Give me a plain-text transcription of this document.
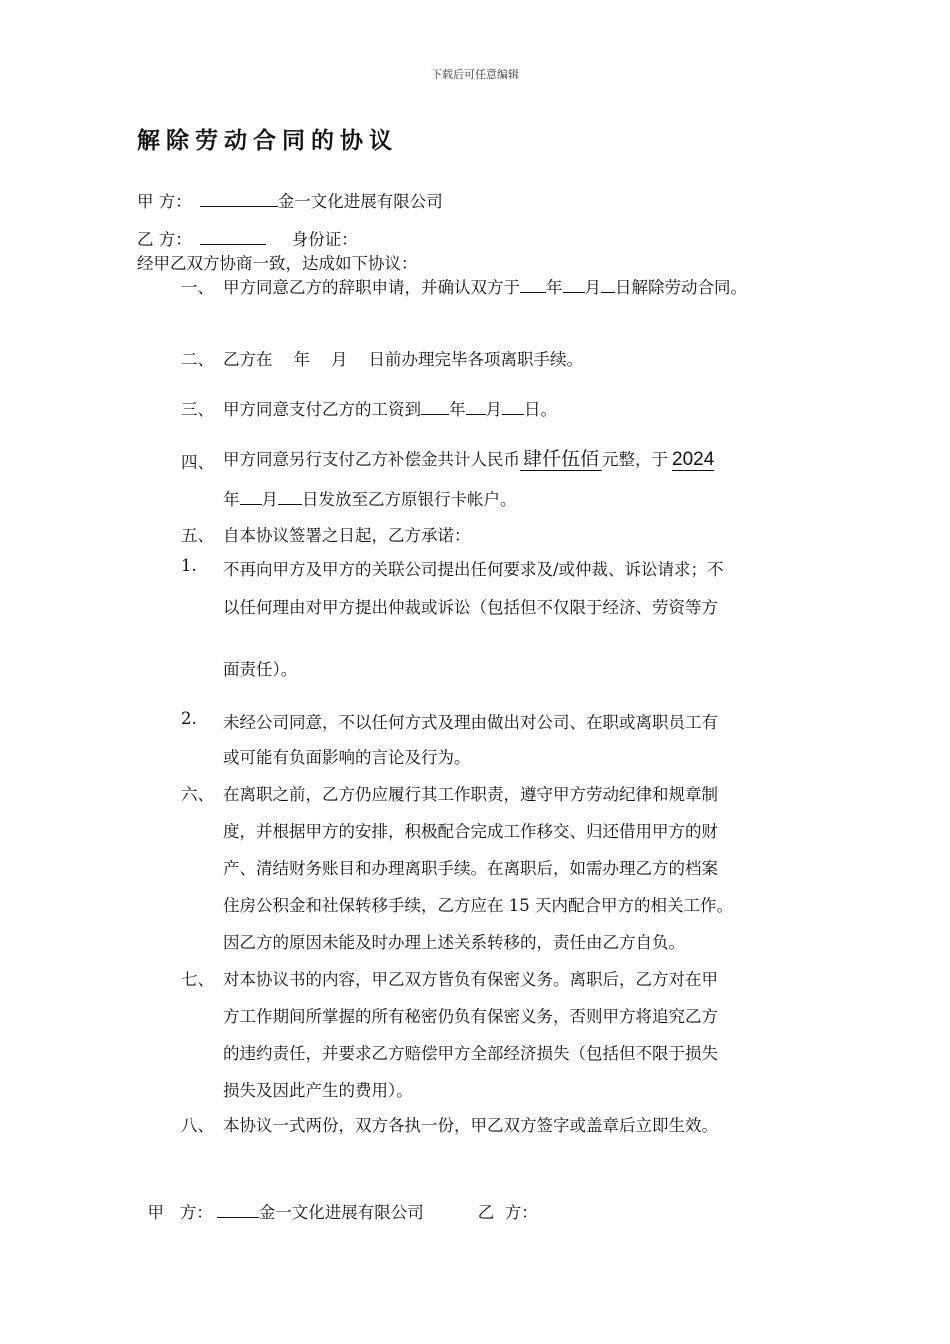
下载后可任意编辑
解除劳动合同的协议
甲 方：	金一文化进展有限公司
乙 方：	身份证：
经甲乙双方协商一致，达成如下协议：
一、 甲方同意乙方的辞职申请，并确认双方于 年 月 日解除劳动合同。
二、 乙方在    年    月    日前办理完毕各项离职手续。
三、 甲方同意支付乙方的工资到 年 月 日。
四、 甲方同意另行支付乙方补偿金共计人民币 肆仟伍佰 元整，于 2024
年 月 日发放至乙方原银行卡帐户。
五、 自本协议签署之日起，乙方承诺：
1.	不再向甲方及甲方的关联公司提出任何要求及/或仲裁、诉讼请求；不
以任何理由对甲方提出仲裁或诉讼（包括但不仅限于经济、劳资等方
面责任）。
2.	未经公司同意，不以任何方式及理由做出对公司、在职或离职员工有
或可能有负面影响的言论及行为。
六、 在离职之前，乙方仍应履行其工作职责，遵守甲方劳动纪律和规章制
度，并根据甲方的安排，积极配合完成工作移交、归还借用甲方的财
产、清结财务账目和办理离职手续。在离职后，如需办理乙方的档案
住房公积金和社保转移手续，乙方应在 15 天内配合甲方的相关工作。
因乙方的原因未能及时办理上述关系转移的，责任由乙方自负。
七、 对本协议书的内容，甲乙双方皆负有保密义务。离职后，乙方对在甲
方工作期间所掌握的所有秘密仍负有保密义务，否则甲方将追究乙方
的违约责任，并要求乙方赔偿甲方全部经济损失（包括但不限于损失
损失及因此产生的费用）。
八、 本协议一式两份，双方各执一份，甲乙双方签字或盖章后立即生效。

甲   方：	金一文化进展有限公司	乙  方：
